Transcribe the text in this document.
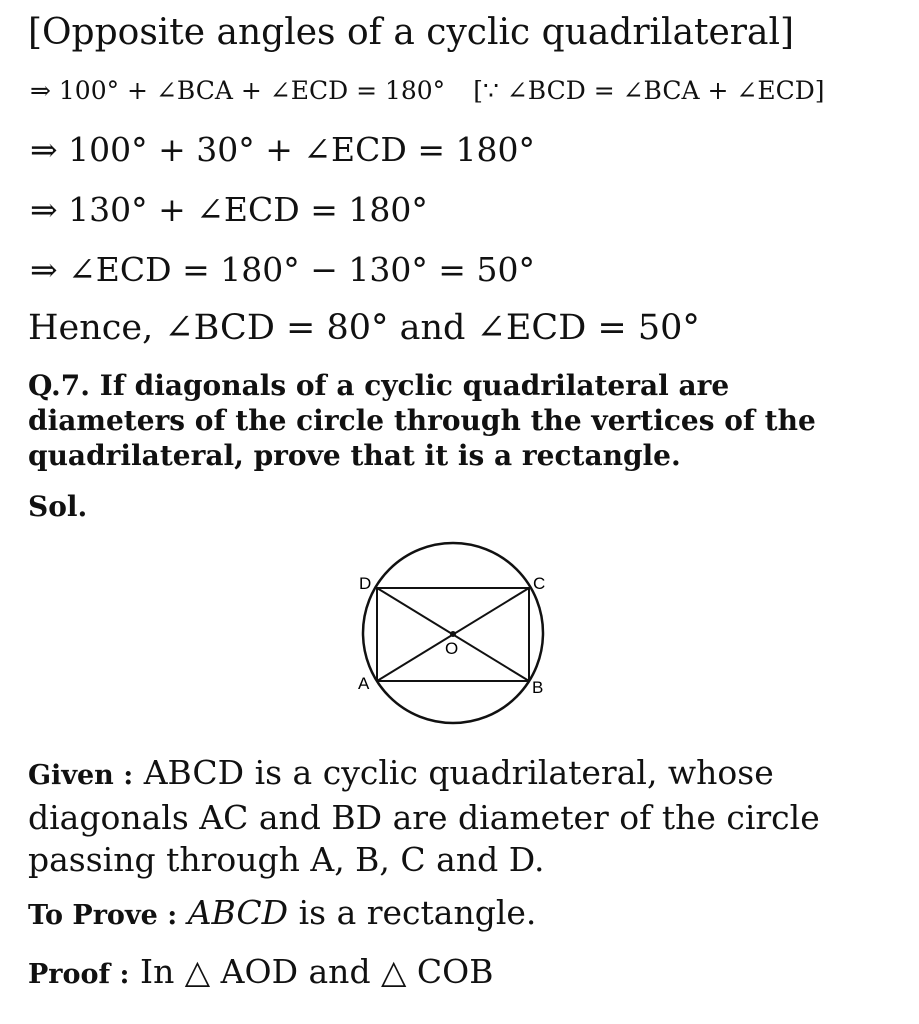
[Opposite angles of a cyclic quadrilateral]
⇒ 100° + ∠BCA + ∠ECD = 180° [∵ ∠BCD = ∠BCA + ∠ECD]
⇒ 100° + 30° + ∠ECD = 180°
⇒ 130° + ∠ECD = 180°
⇒ ∠ECD = 180° − 130° = 50°
Hence, ∠BCD = 80° and ∠ECD = 50°
Q.7. If diagonals of a cyclic quadrilateral are diameters of the circle through the vertices of the quadrilateral, prove that it is a rectangle.
Sol.
D	C
A	B
O
Given : ABCD is a cyclic quadrilateral, whose diagonals AC and BD are diameter of the circle passing through A, B, C and D.
To Prove : ABCD is a rectangle.
Proof : In △ AOD and △ COB
